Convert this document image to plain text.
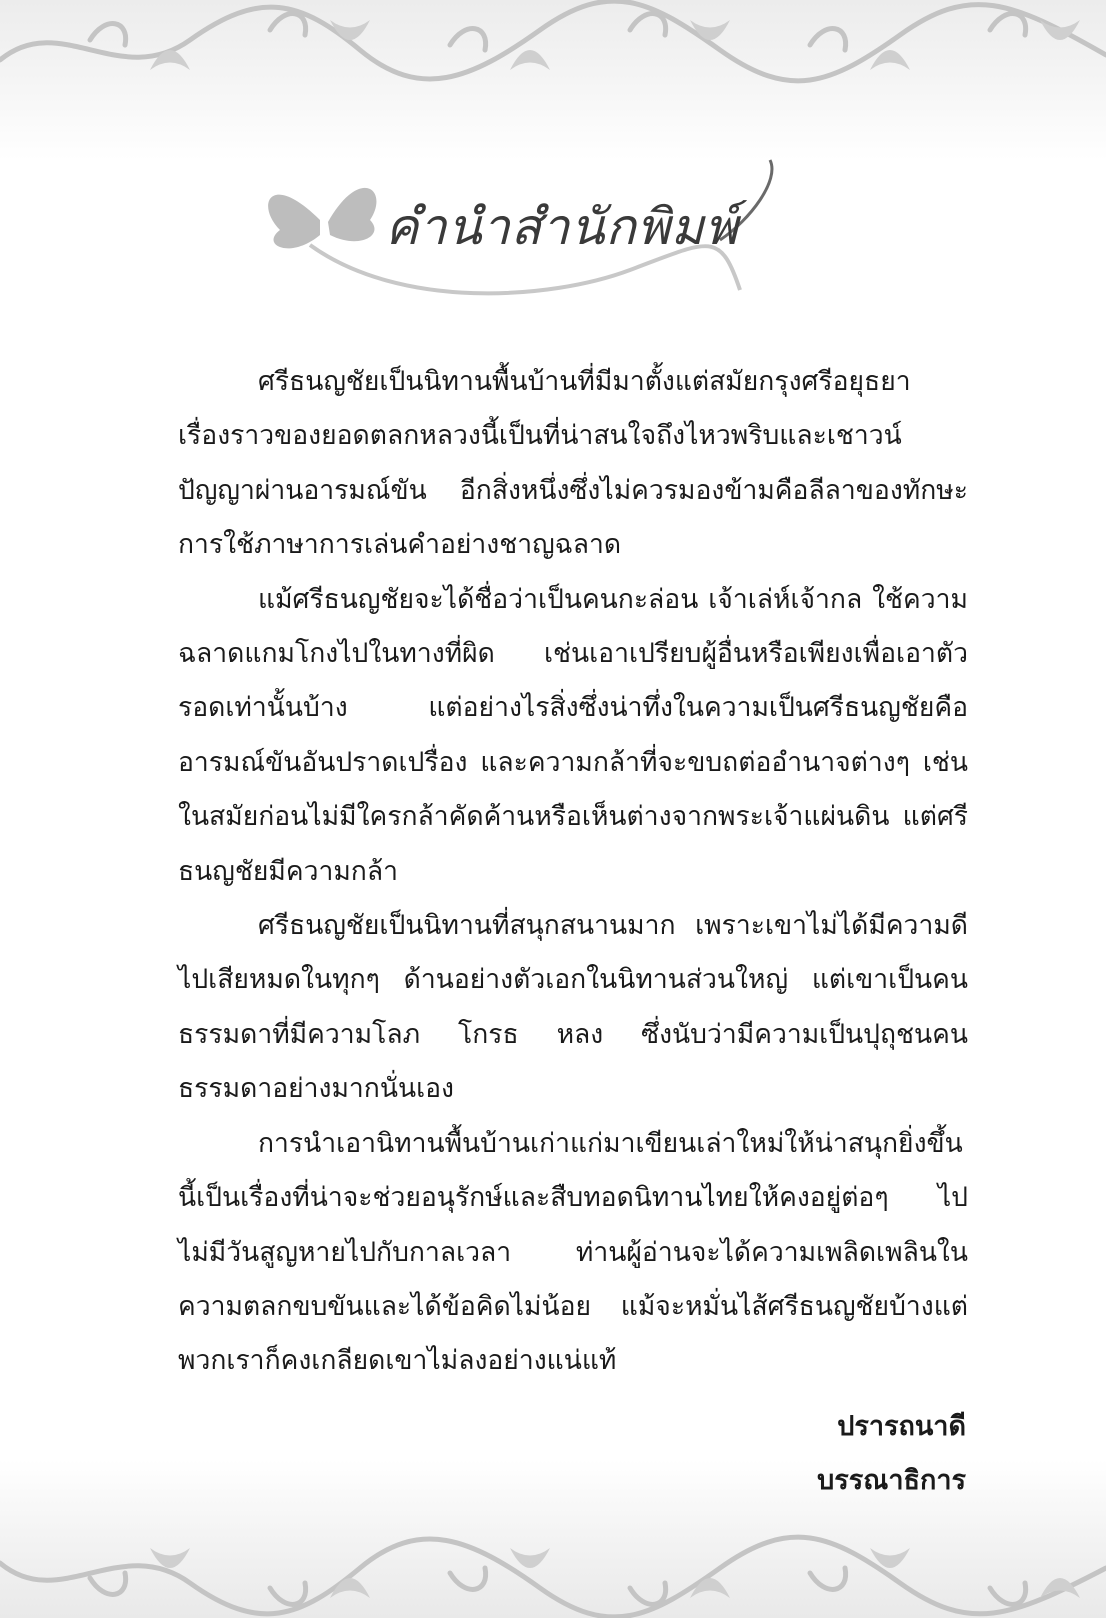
คำนำสำนักพิมพ์

ศรีธนญชัยเป็นนิทานพื้นบ้านที่มีมาตั้งแต่สมัยกรุงศรีอยุธยา เรื่องราวของยอดตลกหลวงนี้เป็นที่น่าสนใจถึงไหวพริบและเชาวน์ปัญญาผ่านอารมณ์ขัน อีกสิ่งหนึ่งซึ่งไม่ควรมองข้ามคือลีลาของทักษะการใช้ภาษาการเล่นคำอย่างชาญฉลาด

แม้ศรีธนญชัยจะได้ชื่อว่าเป็นคนกะล่อน เจ้าเล่ห์เจ้ากล ใช้ความฉลาดแกมโกงไปในทางที่ผิด เช่นเอาเปรียบผู้อื่นหรือเพียงเพื่อเอาตัวรอดเท่านั้นบ้าง แต่อย่างไรสิ่งซึ่งน่าทึ่งในความเป็นศรีธนญชัยคืออารมณ์ขันอันปราดเปรื่อง และความกล้าที่จะขบถต่ออำนาจต่างๆ เช่น ในสมัยก่อนไม่มีใครกล้าคัดค้านหรือเห็นต่างจากพระเจ้าแผ่นดิน แต่ศรีธนญชัยมีความกล้า

ศรีธนญชัยเป็นนิทานที่สนุกสนานมาก เพราะเขาไม่ได้มีความดีไปเสียหมดในทุกๆ ด้านอย่างตัวเอกในนิทานส่วนใหญ่ แต่เขาเป็นคนธรรมดาที่มีความโลภ โกรธ หลง ซึ่งนับว่ามีความเป็นปุถุชนคนธรรมดาอย่างมากนั่นเอง

การนำเอานิทานพื้นบ้านเก่าแก่มาเขียนเล่าใหม่ให้น่าสนุกยิ่งขึ้นนี้เป็นเรื่องที่น่าจะช่วยอนุรักษ์และสืบทอดนิทานไทยให้คงอยู่ต่อๆ ไปไม่มีวันสูญหายไปกับกาลเวลา ท่านผู้อ่านจะได้ความเพลิดเพลินในความตลกขบขันและได้ข้อคิดไม่น้อย แม้จะหมั่นไส้ศรีธนญชัยบ้างแต่พวกเราก็คงเกลียดเขาไม่ลงอย่างแน่แท้

ปรารถนาดี
บรรณาธิการ
